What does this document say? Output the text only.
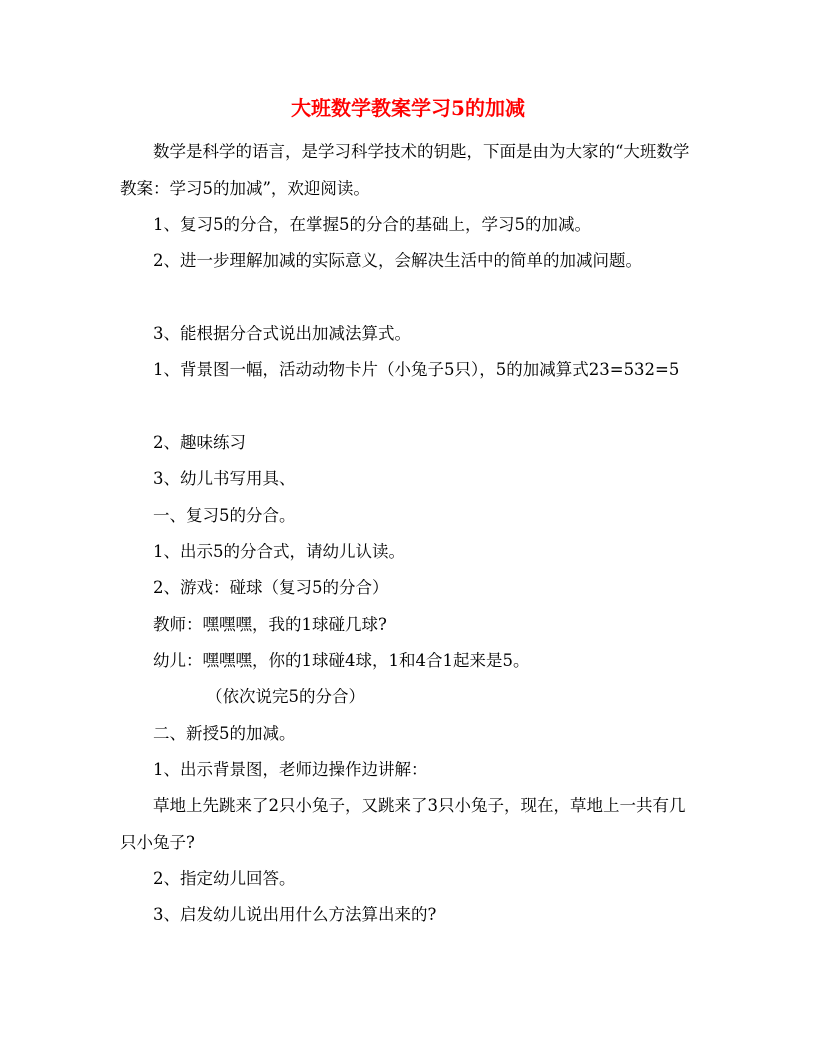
大班数学教案学习5的加减
数学是科学的语言，是学习科学技术的钥匙，下面是由为大家的“大班数学教案：学习5的加减”，欢迎阅读。
1、复习5的分合，在掌握5的分合的基础上，学习5的加减。
2、进一步理解加减的实际意义，会解决生活中的简单的加减问题。
3、能根据分合式说出加减法算式。
1、背景图一幅，活动动物卡片（小兔子5只），5的加减算式23=532=5
2、趣味练习
3、幼儿书写用具、
一、复习5的分合。
1、出示5的分合式，请幼儿认读。
2、游戏：碰球（复习5的分合）
教师：嘿嘿嘿，我的1球碰几球?
幼儿：嘿嘿嘿，你的1球碰4球，1和4合1起来是5。
（依次说完5的分合）
二、新授5的加减。
1、出示背景图，老师边操作边讲解：
草地上先跳来了2只小兔子，又跳来了3只小兔子，现在，草地上一共有几只小兔子?
2、指定幼儿回答。
3、启发幼儿说出用什么方法算出来的?
